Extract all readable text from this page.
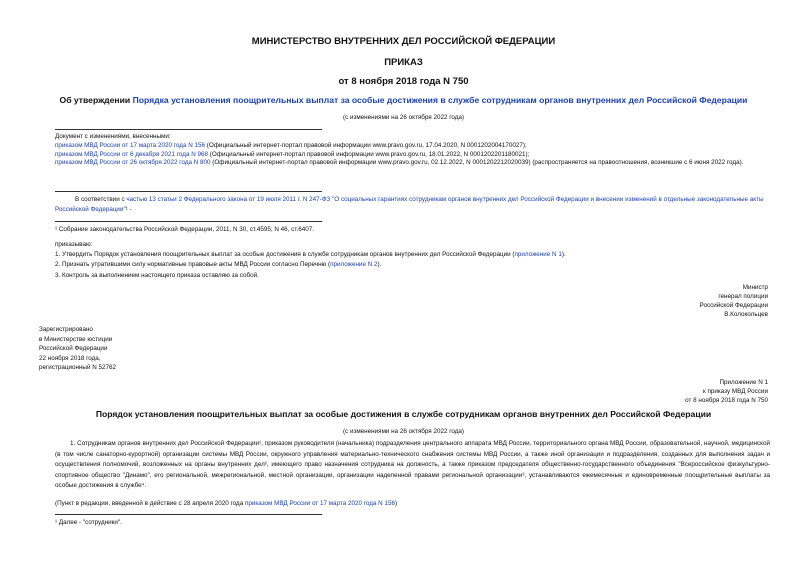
МИНИСТЕРСТВО ВНУТРЕННИХ ДЕЛ РОССИЙСКОЙ ФЕДЕРАЦИИ
ПРИКАЗ
от 8 ноября 2018 года N 750
Об утверждении Порядка установления поощрительных выплат за особые достижения в службе сотрудникам органов внутренних дел Российской Федерации
(с изменениями на 26 октября 2022 года)
Документ с изменениями, внесенными:
приказом МВД России от 17 марта 2020 года N 156 (Официальный интернет-портал правовой информации www.pravo.gov.ru, 17.04.2020, N 0001202004170027);
приказом МВД России от 6 декабря 2021 года N 968 (Официальный интернет-портал правовой информации www.pravo.gov.ru, 18.01.2022, N 0001202201180021);
приказом МВД России от 26 октября 2022 года N 800 (Официальный интернет-портал правовой информации www.pravo.gov.ru, 02.12.2022, N 0001202212020039) (распространяется на правоотношения, возникшие с 6 июня 2022 года).
В соответствии с частью 13 статьи 2 Федерального закона от 19 июля 2011 г. N 247-ФЗ "О социальных гарантиях сотрудникам органов внутренних дел Российской Федерации и внесении изменений в отдельные законодательные акты Российской Федерации"¹ -
¹ Собрание законодательства Российской Федерации, 2011, N 30, ст.4595; N 46, ст.6407.
приказываю:
1. Утвердить Порядок установления поощрительных выплат за особые достижения в службе сотрудникам органов внутренних дел Российской Федерации (приложение N 1).
2. Признать утратившими силу нормативные правовые акты МВД России согласно Перечню (приложение N 2).
3. Контроль за выполнением настоящего приказа оставляю за собой.
Министр
генерал полиции
Российской Федерации
В.Колокольцев
Зарегистрировано
в Министерстве юстиции
Российской Федерации
22 ноября 2018 года,
регистрационный N 52762
Приложение N 1
к приказу МВД России
от 8 ноября 2018 года N 750
Порядок установления поощрительных выплат за особые достижения в службе сотрудникам органов внутренних дел Российской Федерации
(с изменениями на 26 октября 2022 года)
1. Сотрудникам органов внутренних дел Российской Федерации¹, приказом руководителя (начальника) подразделения центрального аппарата МВД России, территориального органа МВД России, образовательной, научной, медицинской (в том числе санаторно-курортной) организации системы МВД России, окружного управления материально-технического снабжения системы МВД России, а также иной организации и подразделения, созданных для выполнения задач и осуществления полномочий, возложенных на органы внутренних дел², имеющего право назначения сотрудника на должность, а также приказом председателя общественно-государственного объединения "Всероссийское физкультурно-спортивное общество "Динамо", его региональной, межрегиональной, местной организации, организации наделенной правами региональной организации³, устанавливаются ежемесячные и единовременные поощрительные выплаты за особые достижения в службе⁴.
(Пункт в редакции, введенной в действие с 28 апреля 2020 года приказом МВД России от 17 марта 2020 года N 156)
¹ Далее - "сотрудники".
